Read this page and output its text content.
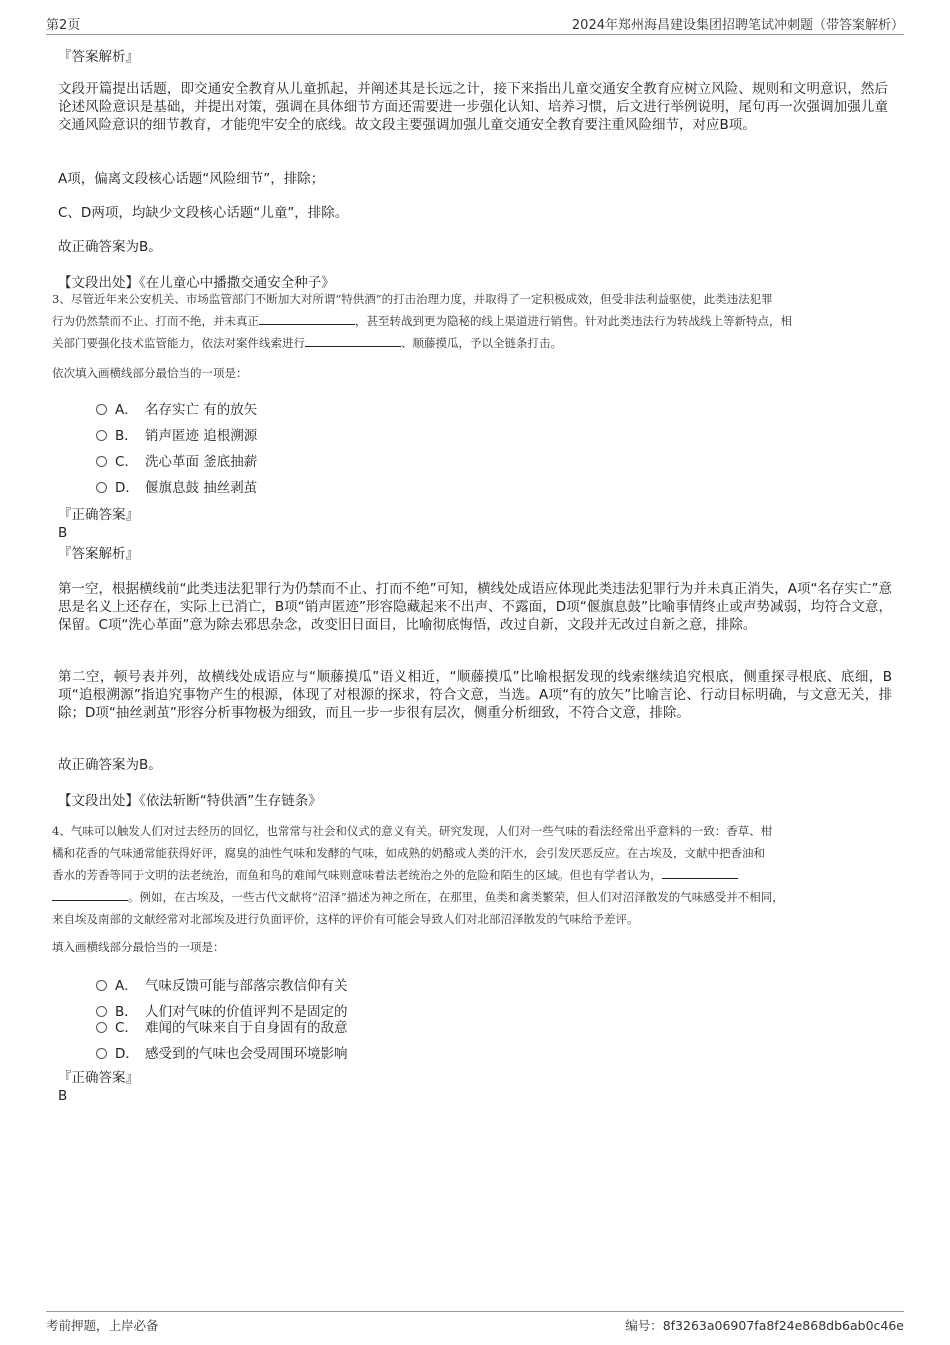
第2页	2024年郑州海昌建设集团招聘笔试冲刺题（带答案解析）
『答案解析』
文段开篇提出话题，即交通安全教育从儿童抓起，并阐述其是长远之计，接下来指出儿童交通安全教育应树立风险、规则和文明意识，然后论述风险意识是基础，并提出对策，强调在具体细节方面还需要进一步强化认知、培养习惯，后文进行举例说明，尾句再一次强调加强儿童交通风险意识的细节教育，才能兜牢安全的底线。故文段主要强调加强儿童交通安全教育要注重风险细节，对应B项。
A项，偏离文段核心话题“风险细节”，排除；
C、D两项，均缺少文段核心话题“儿童”，排除。
故正确答案为B。
【文段出处】《在儿童心中播撒交通安全种子》
3、尽管近年来公安机关、市场监管部门不断加大对所谓“特供酒”的打击治理力度，并取得了一定积极成效，但受非法利益驱使，此类违法犯罪
行为仍然禁而不止、打而不绝，并未真正	，甚至转战到更为隐秘的线上渠道进行销售。针对此类违法行为转战线上等新特点，相
关部门要强化技术监管能力，依法对案件线索进行	、顺藤摸瓜，予以全链条打击。
依次填入画横线部分最恰当的一项是：
A． 名存实亡 有的放矢
B． 销声匿迹 追根溯源
C． 洗心革面 釜底抽薪
D． 偃旗息鼓 抽丝剥茧
『正确答案』
B
『答案解析』
第一空，根据横线前“此类违法犯罪行为仍禁而不止、打而不绝”可知，横线处成语应体现此类违法犯罪行为并未真正消失，A项“名存实亡”意思是名义上还存在，实际上已消亡，B项“销声匿迹”形容隐藏起来不出声、不露面，D项“偃旗息鼓”比喻事情终止或声势减弱，均符合文意，保留。C项“洗心革面”意为除去邪思杂念，改变旧日面目，比喻彻底悔悟，改过自新，文段并无改过自新之意，排除。
第二空，顿号表并列，故横线处成语应与“顺藤摸瓜”语义相近，“顺藤摸瓜”比喻根据发现的线索继续追究根底，侧重探寻根底、底细，B项“追根溯源”指追究事物产生的根源，体现了对根源的探求，符合文意，当选。A项“有的放矢”比喻言论、行动目标明确，与文意无关，排除；D项“抽丝剥茧”形容分析事物极为细致，而且一步一步很有层次，侧重分析细致，不符合文意，排除。
故正确答案为B。
【文段出处】《依法斩断“特供酒”生存链条》
4、气味可以触发人们对过去经历的回忆，也常常与社会和仪式的意义有关。研究发现，人们对一些气味的看法经常出乎意料的一致：香草、柑
橘和花香的气味通常能获得好评，腐臭的油性气味和发酵的气味，如成熟的奶酪或人类的汗水，会引发厌恶反应。在古埃及，文献中把香油和
香水的芳香等同于文明的法老统治，而鱼和鸟的难闻气味则意味着法老统治之外的危险和陌生的区域。但也有学者认为，
。例如，在古埃及，一些古代文献将“沼泽”描述为神之所在，在那里，鱼类和禽类繁荣，但人们对沼泽散发的气味感受并不相同，
来自埃及南部的文献经常对北部埃及进行负面评价，这样的评价有可能会导致人们对北部沼泽散发的气味给予差评。
填入画横线部分最恰当的一项是：
A． 气味反馈可能与部落宗教信仰有关
B． 人们对气味的价值评判不是固定的
C． 难闻的气味来自于自身固有的敌意
D． 感受到的气味也会受周围环境影响
『正确答案』
B
考前押题，上岸必备	编号：8f3263a06907fa8f24e868db6ab0c46e
